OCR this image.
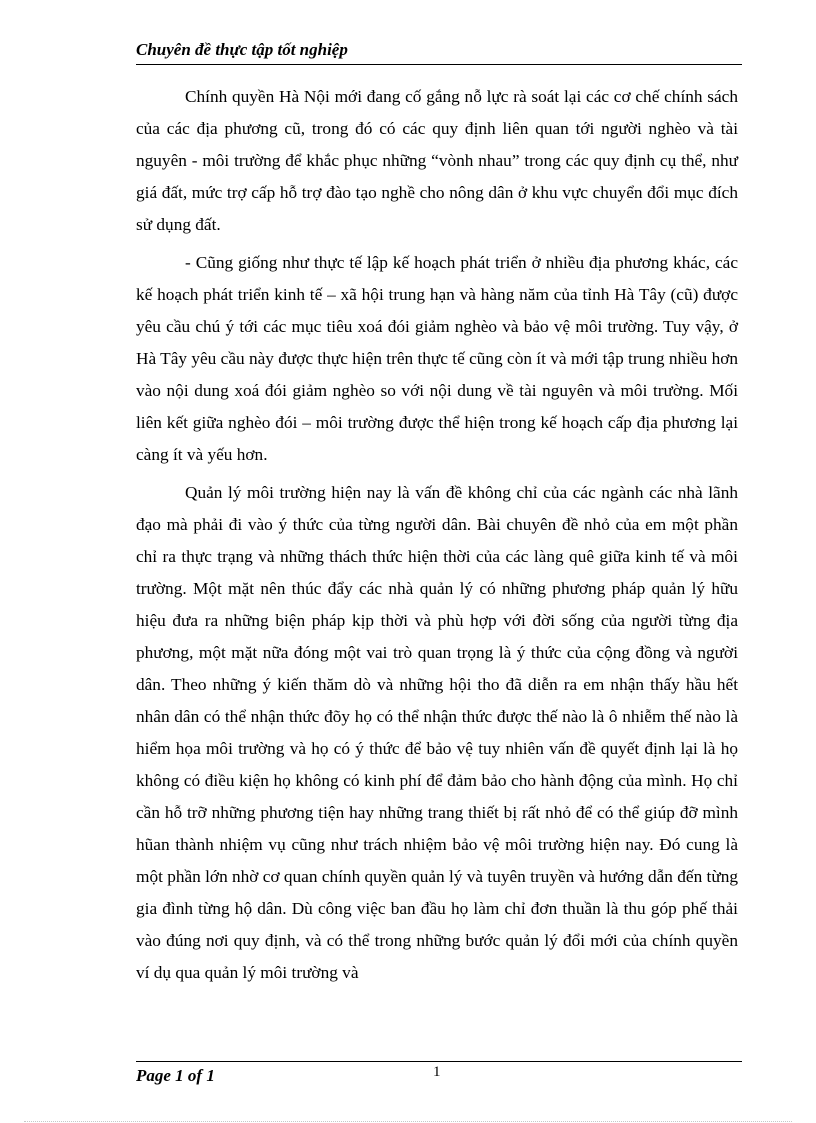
Chuyên đề thực tập tốt nghiệp

Chính quyền Hà Nội mới đang cố gắng nỗ lực rà soát lại các cơ chế chính sách của các địa phương cũ, trong đó có các quy định liên quan tới người nghèo và tài nguyên - môi trường để khắc phục những “vònh nhau” trong các quy định cụ thể, như giá đất, mức trợ cấp hỗ trợ đào tạo nghề cho nông dân ở khu vực chuyển đổi mục đích sử dụng đất.

- Cũng giống như thực tế lập kế hoạch phát triển ở nhiều địa phương khác, các kế hoạch phát triển kinh tế – xã hội trung hạn và hàng năm của tỉnh Hà Tây (cũ) được yêu cầu chú ý tới các mục tiêu xoá đói giảm nghèo và bảo vệ môi trường. Tuy vậy, ở Hà Tây yêu cầu này được thực hiện trên thực tế cũng còn ít và mới tập trung nhiều hơn vào nội dung xoá đói giảm nghèo so với nội dung về tài nguyên và môi trường. Mối liên kết giữa nghèo đói – môi trường được thể hiện trong kế hoạch cấp địa phương lại càng ít và yếu hơn.

Quản lý môi trường hiện nay là vấn đề không chỉ của các ngành các nhà lãnh đạo mà phải đi vào ý thức của từng người dân. Bài chuyên đề nhỏ của em một phần chỉ ra thực trạng và những thách thức hiện thời của các làng quê giữa kinh tế và môi trường. Một mặt nên thúc đẩy các nhà quản lý có những phương pháp quản lý hữu hiệu đưa ra những biện pháp kịp thời và phù hợp với đời sống của người từng địa phương, một mặt nữa đóng một vai trò quan trọng là ý thức của cộng đồng và người dân. Theo những ý kiến thăm dò và những hội tho đã diễn ra em nhận thấy hầu hết nhân dân có thể nhận thức đõy họ có thể nhận thức được thế nào là ô nhiễm thế nào là hiểm họa môi trường và họ có ý thức để bảo vệ tuy nhiên vấn đề quyết định lại là họ không có điều kiện họ không có kinh phí để đảm bảo cho hành động của mình. Họ chỉ cần hỗ trỡ những phương tiện hay những trang thiết bị rất nhỏ để có thể giúp đỡ mình hũan thành nhiệm vụ cũng như trách nhiệm bảo vệ môi trường hiện nay. Đó cung là một phần lớn nhờ cơ quan chính quyền quản lý và tuyên truyền và hướng dẫn đến từng gia đình từng hộ dân. Dù công việc ban đầu họ làm chỉ đơn thuần là thu góp phế thải vào đúng nơi quy định, và có thể trong những bước quản lý đổi mới của chính quyền ví dụ qua quản lý môi trường và

Page 1 of 1	1
